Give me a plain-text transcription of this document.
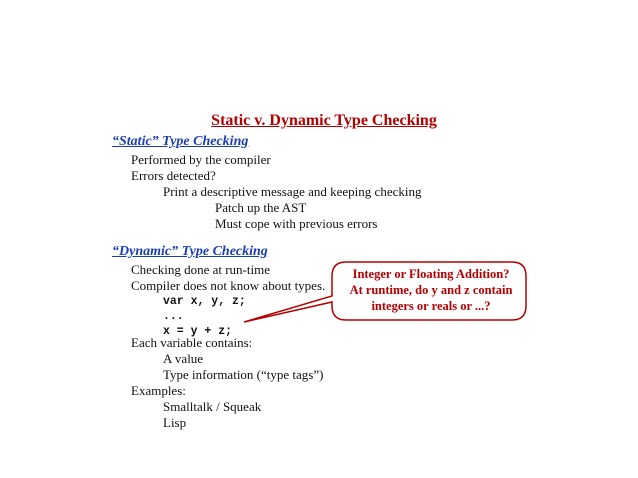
Static v. Dynamic Type Checking
“Static” Type Checking
Performed by the compiler
Errors detected?
Print a descriptive message and keeping checking
Patch up the AST
Must cope with previous errors
“Dynamic” Type Checking
Checking done at run-time
Compiler does not know about types.
var x, y, z;
...
x = y + z;
Each variable contains:
A value
Type information (“type tags”)
Examples:
Smalltalk / Squeak
Lisp
Integer or Floating Addition?
At runtime, do y and z contain
integers or reals or ...?
